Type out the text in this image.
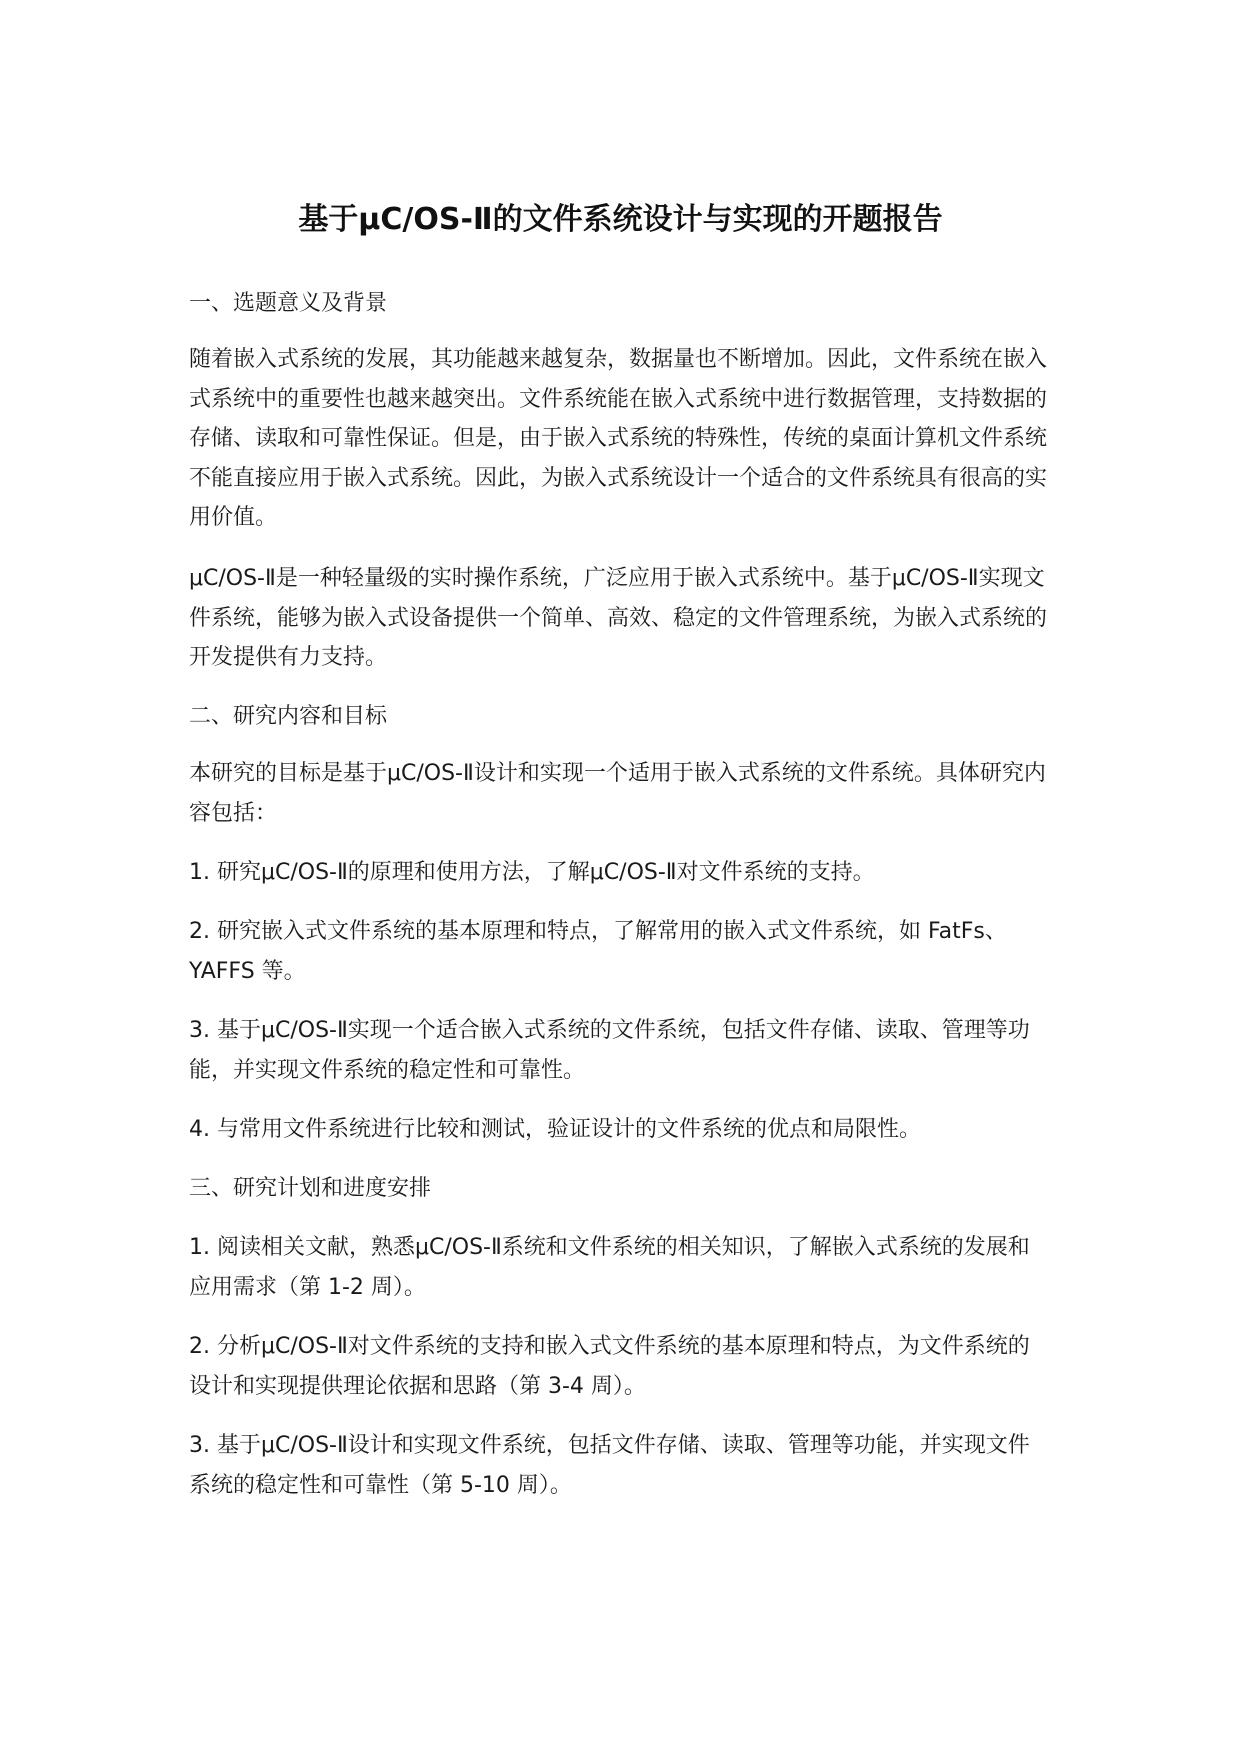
基于μC/OS-Ⅱ的文件系统设计与实现的开题报告

一、选题意义及背景

随着嵌入式系统的发展，其功能越来越复杂，数据量也不断增加。因此，文件系统在嵌入式系统中的重要性也越来越突出。文件系统能在嵌入式系统中进行数据管理，支持数据的存储、读取和可靠性保证。但是，由于嵌入式系统的特殊性，传统的桌面计算机文件系统不能直接应用于嵌入式系统。因此，为嵌入式系统设计一个适合的文件系统具有很高的实用价值。

μC/OS-Ⅱ是一种轻量级的实时操作系统，广泛应用于嵌入式系统中。基于μC/OS-Ⅱ实现文件系统，能够为嵌入式设备提供一个简单、高效、稳定的文件管理系统，为嵌入式系统的开发提供有力支持。

二、研究内容和目标

本研究的目标是基于μC/OS-Ⅱ设计和实现一个适用于嵌入式系统的文件系统。具体研究内容包括：

1. 研究μC/OS-Ⅱ的原理和使用方法，了解μC/OS-Ⅱ对文件系统的支持。

2. 研究嵌入式文件系统的基本原理和特点，了解常用的嵌入式文件系统，如 FatFs、YAFFS 等。

3. 基于μC/OS-Ⅱ实现一个适合嵌入式系统的文件系统，包括文件存储、读取、管理等功能，并实现文件系统的稳定性和可靠性。

4. 与常用文件系统进行比较和测试，验证设计的文件系统的优点和局限性。

三、研究计划和进度安排

1. 阅读相关文献，熟悉μC/OS-Ⅱ系统和文件系统的相关知识，了解嵌入式系统的发展和应用需求（第 1-2 周）。

2. 分析μC/OS-Ⅱ对文件系统的支持和嵌入式文件系统的基本原理和特点，为文件系统的设计和实现提供理论依据和思路（第 3-4 周）。

3. 基于μC/OS-Ⅱ设计和实现文件系统，包括文件存储、读取、管理等功能，并实现文件系统的稳定性和可靠性（第 5-10 周）。
